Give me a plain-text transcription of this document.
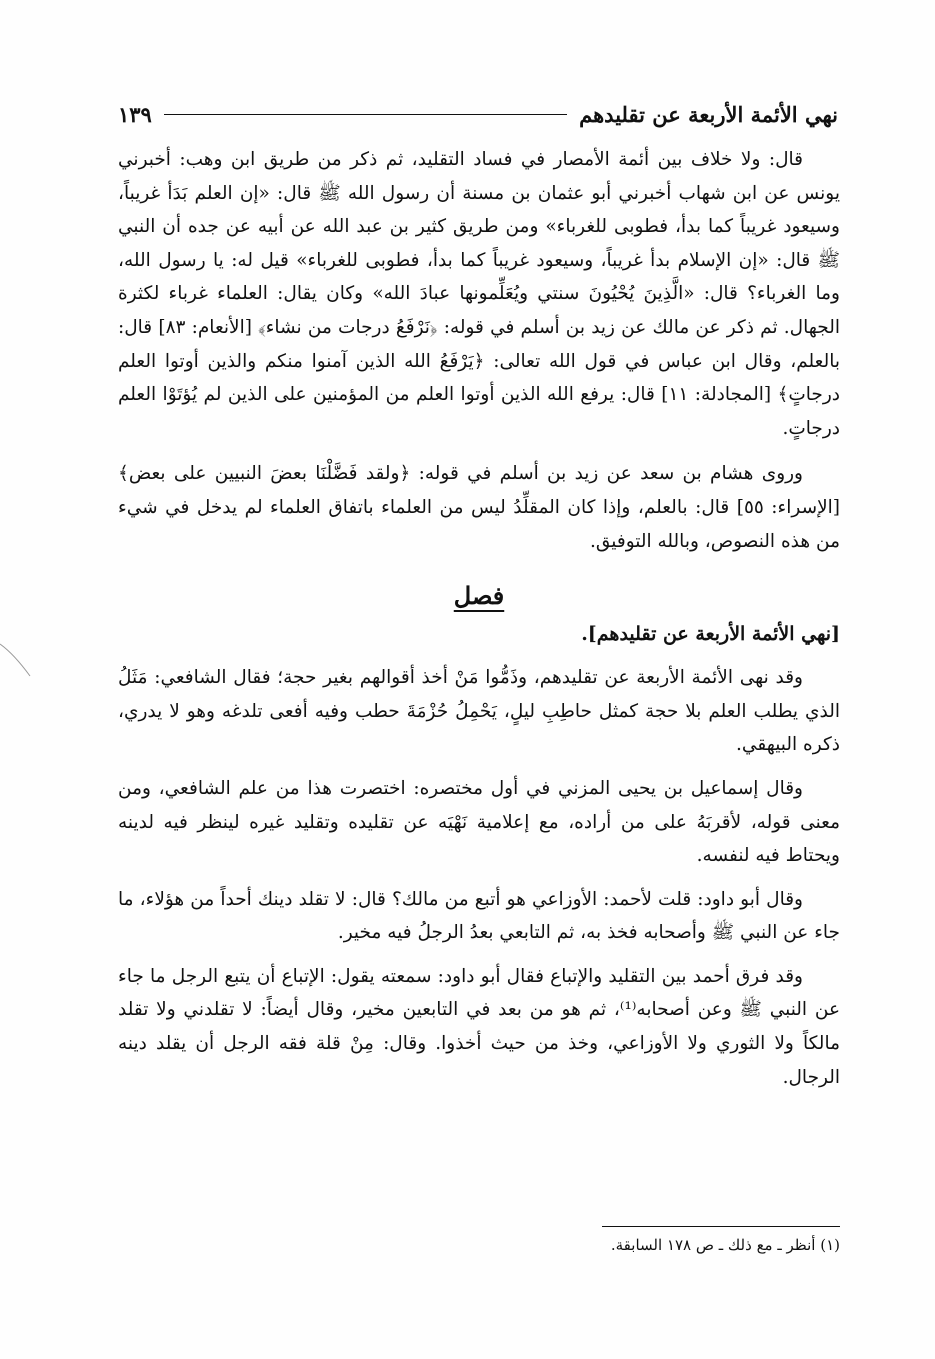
نهي الأئمة الأربعة عن تقليدهم
١٣٩

قال: ولا خلاف بين أئمة الأمصار في فساد التقليد، ثم ذكر من طريق ابن وهب: أخبرني يونس عن ابن شهاب أخبرني أبو عثمان بن مسنة أن رسول الله ﷺ قال: «إن العلم بَدَأ غريباً، وسيعود غريباً كما بدأ، فطوبى للغرباء» ومن طريق كثير بن عبد الله عن أبيه عن جده أن النبي ﷺ قال: «إن الإسلام بدأ غريباً، وسيعود غريباً كما بدأ، فطوبى للغرباء» قيل له: يا رسول الله، وما الغرباء؟ قال: «الَّذِينَ يُحْيُونَ سنتي ويُعَلِّمونها عبادَ الله» وكان يقال: العلماء غرباء لكثرة الجهال. ثم ذكر عن مالك عن زيد بن أسلم في قوله: ﴿نَرْفَعُ درجات من نشاء﴾ [الأنعام: ٨٣] قال: بالعلم، وقال ابن عباس في قول الله تعالى: ﴿يَرْفَعُ الله الذين آمنوا منكم والذين أوتوا العلم درجاتٍ﴾ [المجادلة: ١١] قال: يرفع الله الذين أوتوا العلم من المؤمنين على الذين لم يُؤتَوْا العلم درجاتٍ.

وروى هشام بن سعد عن زيد بن أسلم في قوله: ﴿ولقد فَضَّلْنَا بعضَ النبيين على بعض﴾ [الإسراء: ٥٥] قال: بالعلم، وإذا كان المقلِّدُ ليس من العلماء باتفاق العلماء لم يدخل في شيء من هذه النصوص، وبالله التوفيق.

فصل
[نهي الأئمة الأربعة عن تقليدهم].

وقد نهى الأئمة الأربعة عن تقليدهم، وذَمُّوا مَنْ أخذ أقوالهم بغير حجة؛ فقال الشافعي: مَثَلُ الذي يطلب العلم بلا حجة كمثل حاطِبِ ليلٍ، يَحْمِلُ حُزْمَةَ حطب وفيه أفعى تلدغه وهو لا يدري، ذكره البيهقي.

وقال إسماعيل بن يحيى المزني في أول مختصره: اختصرت هذا من علم الشافعي، ومن معنى قوله، لأقربَهُ على من أراده، مع إعلامية نَهْيَه عن تقليده وتقليد غيره لينظر فيه لدينه ويحتاط فيه لنفسه.

وقال أبو داود: قلت لأحمد: الأوزاعي هو أتبع من مالك؟ قال: لا تقلد دينك أحداً من هؤلاء، ما جاء عن النبي ﷺ وأصحابه فخذ به، ثم التابعي بعدُ الرجلُ فيه مخير.

وقد فرق أحمد بين التقليد والإتباع فقال أبو داود: سمعته يقول: الإتباع أن يتبع الرجل ما جاء عن النبي ﷺ وعن أصحابه⁽¹⁾، ثم هو من بعد في التابعين مخير، وقال أيضاً: لا تقلدني ولا تقلد مالكاً ولا الثوري ولا الأوزاعي، وخذ من حيث أخذوا. وقال: مِنْ قلة فقه الرجل أن يقلد دينه الرجال.

(١) أنظر ـ مع ذلك ـ ص ١٧٨ السابقة.
